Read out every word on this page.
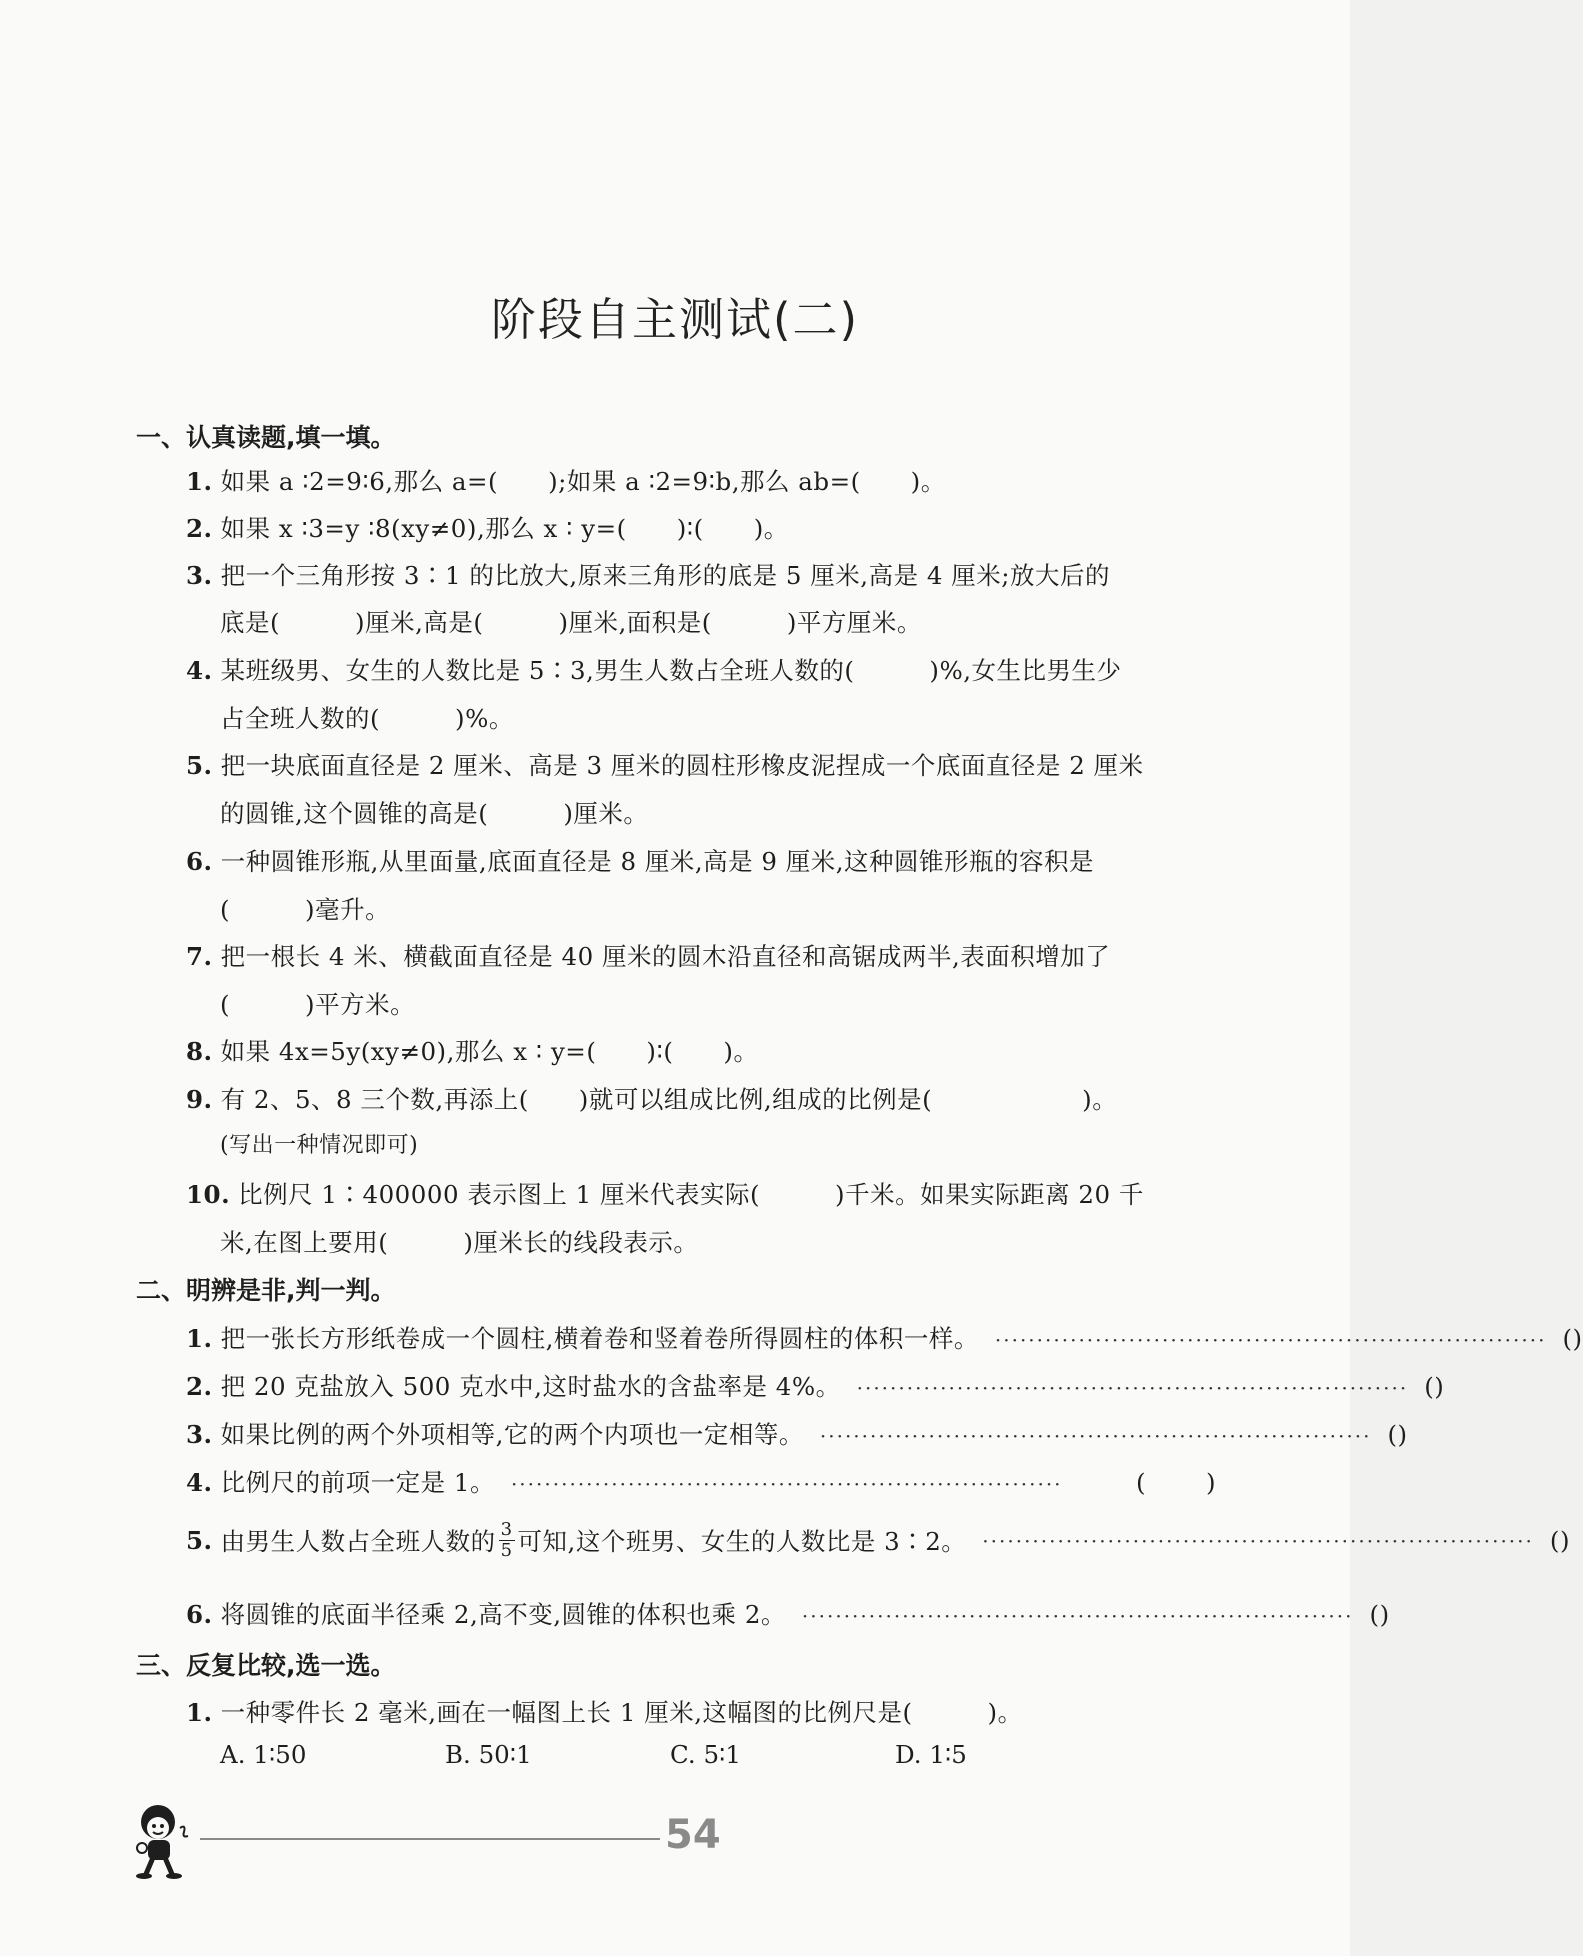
阶段自主测试(二)
一、认真读题,填一填。
1. 如果 a ∶2=9∶6,那么 a=(　　);如果 a ∶2=9∶b,那么 ab=(　　)。
2. 如果 x ∶3=y ∶8(xy≠0),那么 x ∶ y=(　　)∶(　　)。
3. 把一个三角形按 3∶1 的比放大,原来三角形的底是 5 厘米,高是 4 厘米;放大后的
底是(　　　)厘米,高是(　　　)厘米,面积是(　　　)平方厘米。
4. 某班级男、女生的人数比是 5∶3,男生人数占全班人数的(　　　)%,女生比男生少
占全班人数的(　　　)%。
5. 把一块底面直径是 2 厘米、高是 3 厘米的圆柱形橡皮泥捏成一个底面直径是 2 厘米
的圆锥,这个圆锥的高是(　　　)厘米。
6. 一种圆锥形瓶,从里面量,底面直径是 8 厘米,高是 9 厘米,这种圆锥形瓶的容积是
(　　　)毫升。
7. 把一根长 4 米、横截面直径是 40 厘米的圆木沿直径和高锯成两半,表面积增加了
(　　　)平方米。
8. 如果 4x=5y(xy≠0),那么 x ∶ y=(　　)∶(　　)。
9. 有 2、5、8 三个数,再添上(　　)就可以组成比例,组成的比例是(　　　　　　)。
(写出一种情况即可)
10. 比例尺 1∶400000 表示图上 1 厘米代表实际(　　　)千米。如果实际距离 20 千
米,在图上要用(　　　)厘米长的线段表示。
二、明辨是非,判一判。
1. 把一张长方形纸卷成一个圆柱,横着卷和竖着卷所得圆柱的体积一样。 ·································································· ( )
2. 把 20 克盐放入 500 克水中,这时盐水的含盐率是 4%。 ·································································· ( )
3. 如果比例的两个外项相等,它的两个内项也一定相等。 ·································································· ( )
4. 比例尺的前项一定是 1。 ··································································	( )
5. 由男生人数占全班人数的 $\frac{3}{5}$ 可知,这个班男、女生的人数比是 3∶2。 ·································································· ( )
6. 将圆锥的底面半径乘 2,高不变,圆锥的体积也乘 2。 ·································································· ( )
三、反复比较,选一选。
1. 一种零件长 2 毫米,画在一幅图上长 1 厘米,这幅图的比例尺是(　　　)。
A. 1∶50	B. 50∶1	C. 5∶1	D. 1∶5
54
